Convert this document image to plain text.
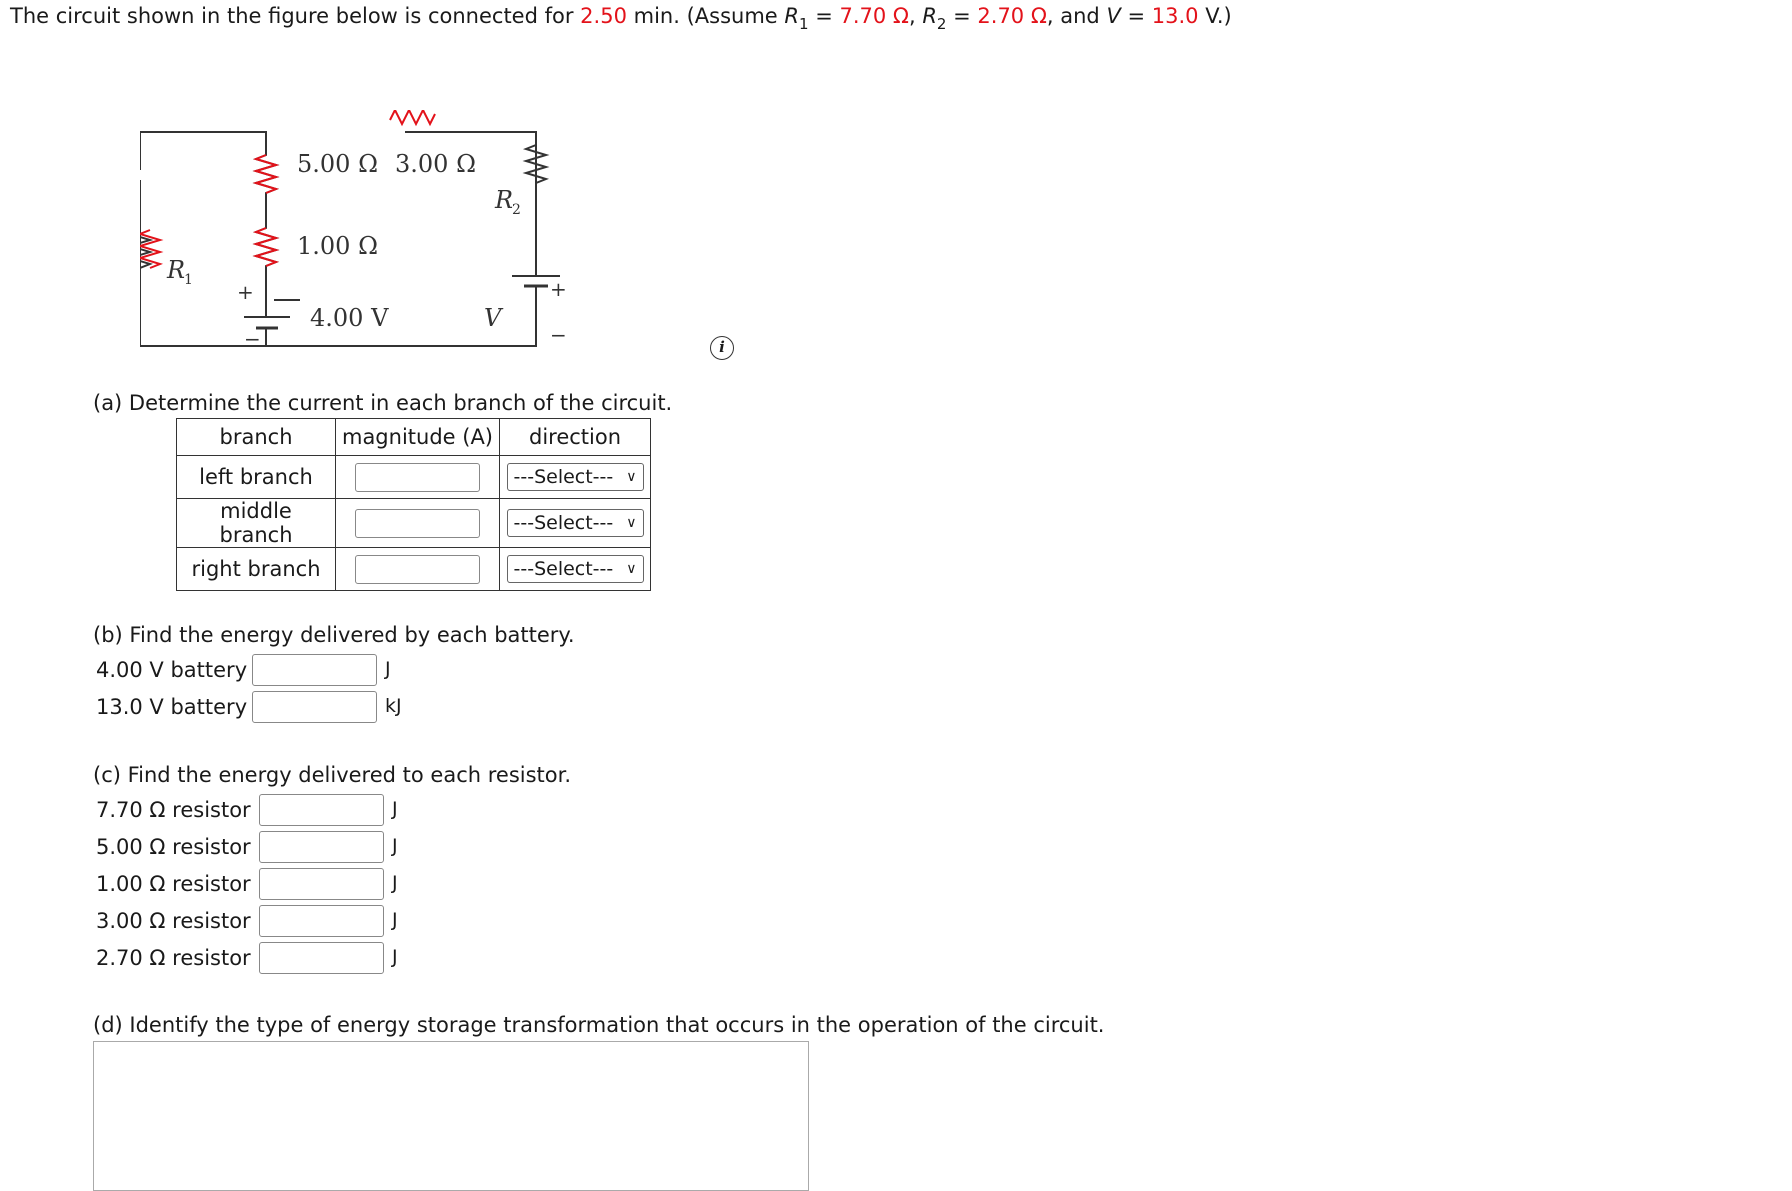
The circuit shown in the figure below is connected for 2.50 min. (Assume $R_1 = 7.70$ Ω, $R_2 = 2.70$ Ω, and V = 13.0 V.)
5.00 Ω 3.00 Ω
R
2
1.00 Ω
R
1 +
−
4.00 V	V
+
−	i
(a) Determine the current in each branch of the circuit.
branch	magnitude (A)	direction
left branch		---Select--- ∨

middle branch		---Select--- ∨

right branch		---Select--- ∨
(b) Find the energy delivered by each battery.
4.00 V battery	J
13.0 V battery	kJ
(c) Find the energy delivered to each resistor.
7.70 Ω resistor	J
5.00 Ω resistor	J
1.00 Ω resistor	J
3.00 Ω resistor	J
2.70 Ω resistor	J
(d) Identify the type of energy storage transformation that occurs in the operation of the circuit.
